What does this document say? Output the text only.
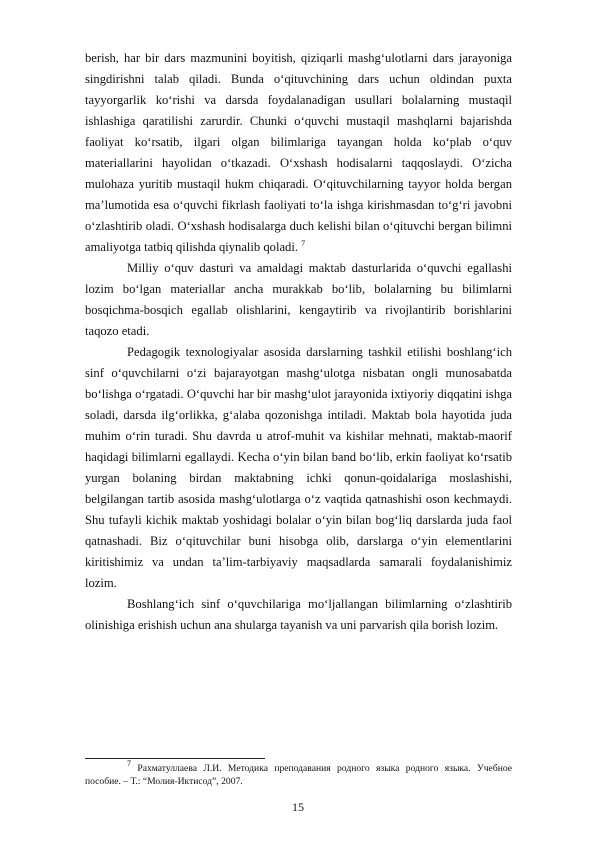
berish, har bir dars mazmunini boyitish, qiziqarli mashg‘ulotlarni dars jarayoniga singdirishni talab qiladi. Bunda o‘qituvchining dars uchun oldindan puxta tayyorgarlik ko‘rishi va darsda foydalanadigan usullari bolalarning mustaqil ishlashiga qaratilishi zarurdir. Chunki o‘quvchi mustaqil mashqlarni bajarishda faoliyat ko‘rsatib, ilgari olgan bilimlariga tayangan holda ko‘plab o‘quv materiallarini hayolidan o‘tkazadi. O‘xshash hodisalarni taqqoslaydi. O‘zicha mulohaza yuritib mustaqil hukm chiqaradi. O‘qituvchilarning tayyor holda bergan ma’lumotida esa o‘quvchi fikrlash faoliyati to‘la ishga kirishmasdan to‘g‘ri javobni o‘zlashtirib oladi. O‘xshash hodisalarga duch kelishi bilan o‘qituvchi bergan bilimni amaliyotga tatbiq qilishda qiynalib qoladi. $^7$

Milliy o‘quv dasturi va amaldagi maktab dasturlarida o‘quvchi egallashi lozim bo‘lgan materiallar ancha murakkab bo‘lib, bolalarning bu bilimlarni bosqichma-bosqich egallab olishlarini, kengaytirib va rivojlantirib borishlarini taqozo etadi.

Pedagogik texnologiyalar asosida darslarning tashkil etilishi boshlang‘ich sinf o‘quvchilarni o‘zi bajarayotgan mashg‘ulotga nisbatan ongli munosabatda bo‘lishga o‘rgatadi. O‘quvchi har bir mashg‘ulot jarayonida ixtiyoriy diqqatini ishga soladi, darsda ilg‘orlikka, g‘alaba qozonishga intiladi. Maktab bola hayotida juda muhim o‘rin turadi. Shu davrda u atrof-muhit va kishilar mehnati, maktab-maorif haqidagi bilimlarni egallaydi. Kecha o‘yin bilan band bo‘lib, erkin faoliyat ko‘rsatib yurgan bolaning birdan maktabning ichki qonun-qoidalariga moslashishi, belgilangan tartib asosida mashg‘ulotlarga o‘z vaqtida qatnashishi oson kechmaydi. Shu tufayli kichik maktab yoshidagi bolalar o‘yin bilan bog‘liq darslarda juda faol qatnashadi. Biz o‘qituvchilar buni hisobga olib, darslarga o‘yin elementlarini kiritishimiz va undan ta’lim-tarbiyaviy maqsadlarda samarali foydalanishimiz lozim.

Boshlang‘ich sinf o‘quvchilariga mo‘ljallangan bilimlarning o‘zlashtirib olinishiga erishish uchun ana shularga tayanish va uni parvarish qila borish lozim.

$^7$ Рахматуллаева Л.И. Методика преподавания родного языка родного языка. Учебное пособие. – Т.: “Молия-Иктисод”, 2007.
15
